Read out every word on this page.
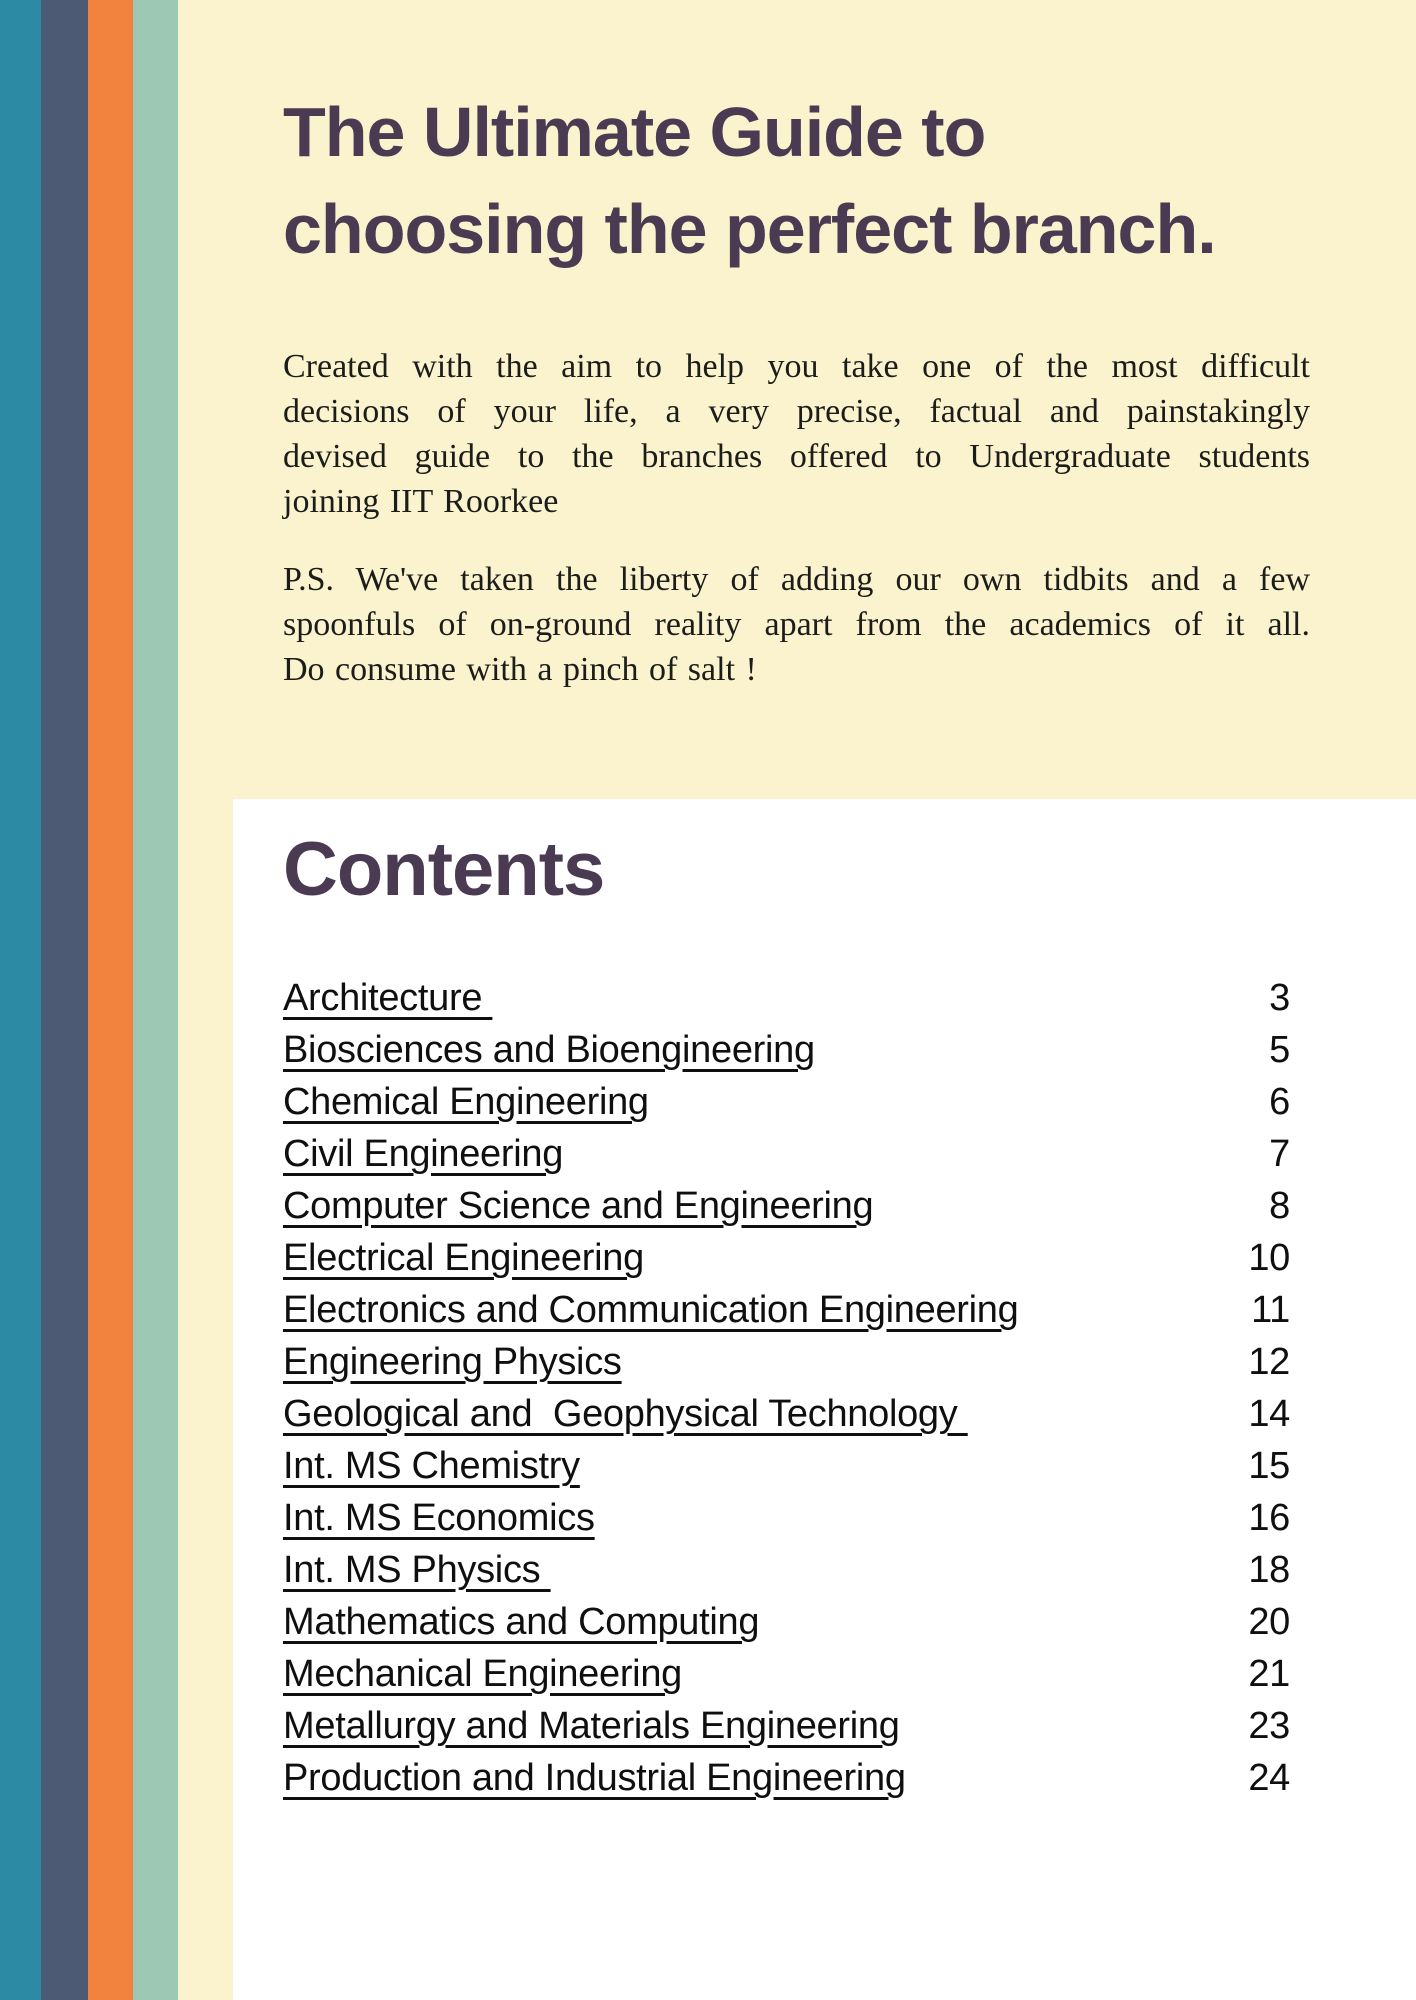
The Ultimate Guide to
choosing the perfect branch.
Created with the aim to help you take one of the most difficult
decisions of your life, a very precise, factual and painstakingly
devised guide to the branches offered to Undergraduate students
joining IIT Roorkee
P.S. We've taken the liberty of adding our own tidbits and a few
spoonfuls of on-ground reality apart from the academics of it all.
Do consume with a pinch of salt !
Contents
Architecture	3
Biosciences and Bioengineering	5
Chemical Engineering	6
Civil Engineering	7
Computer Science and Engineering	8
Electrical Engineering	10
Electronics and Communication Engineering	11
Engineering Physics	12
Geological and  Geophysical Technology	14
Int. MS Chemistry	15
Int. MS Economics	16
Int. MS Physics	18
Mathematics and Computing	20
Mechanical Engineering	21
Metallurgy and Materials Engineering	23
Production and Industrial Engineering	24
